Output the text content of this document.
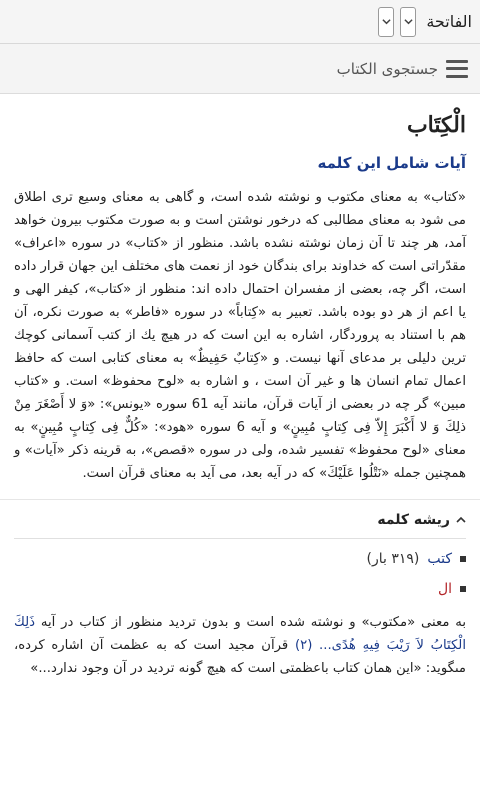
الفاتحة
جستجوی الکتاب
الْکِتَاب
آیات شامل این کلمه

«كتاب» به معناى مكتوب و نوشته شده است، و گاهى به معناى وسيع ترى اطلاق مى شود به معناى مطالبى كه درخور نوشتن است و به صورت مكتوب بيرون خواهد آمد، هر چند تا آن زمان نوشته نشده باشد. منظور از «كتاب» در سوره «اعراف» مقدّراتى است كه خداوند براى بندگان خود از نعمت هاى مختلف اين جهان قرار داده است، اگر چه، بعضى از مفسران احتمال داده اند: منظور از «كتاب»، كيفر الهى و يا اعم از هر دو بوده باشد. تعبير به «كِتاباً» در سوره «فاطر» به صورت نكره، آن هم با استناد به پروردگار، اشاره به اين است كه در هيچ يك از كتب آسمانى كوچك ترين دليلى بر مدعاى آنها نيست. و «كِتابٌ حَفِيظٌ» به معناى كتابى است كه حافظ اعمال تمام انسان ها و غير آن است ، و اشاره به «لوح محفوظ» است. و «كتاب مبين» گر چه در بعضى از آيات قرآن، مانند آيه 61 سوره «يونس»: «وَ لا أَصْغَرَ مِنْ ذلِكَ وَ لا أَكْبَرَ إِلاّ فِى كِتابٍ مُبِينٍ» و آيه 6 سوره «هود»: «كُلٌّ فِى كِتابٍ مُبِينٍ» به معناى «لوح محفوظ» تفسير شده، ولى در سوره «قصص»، به قرينه ذكر «آيات» و همچنين جمله «نَتْلُوا عَلَيْكَ» كه در آيه بعد، مى آيد به معناى قرآن است.

ریشه کلمه
کتب
(۳۱۹ بار)
ال

به معنى «مكتوب» و نوشته شده است و بدون ترديد منظور از كتاب در آيه ذَلِكَ الْكِتَابُ لاَ رَيْبَ فِيهِ هُدًى... (۲) قرآن مجيد است كه به عظمت آن اشاره كرده، مى‏گويد: «اين همان كتاب باعظمتى است كه هيچ گونه ترديد در آن وجود ندارد...»
